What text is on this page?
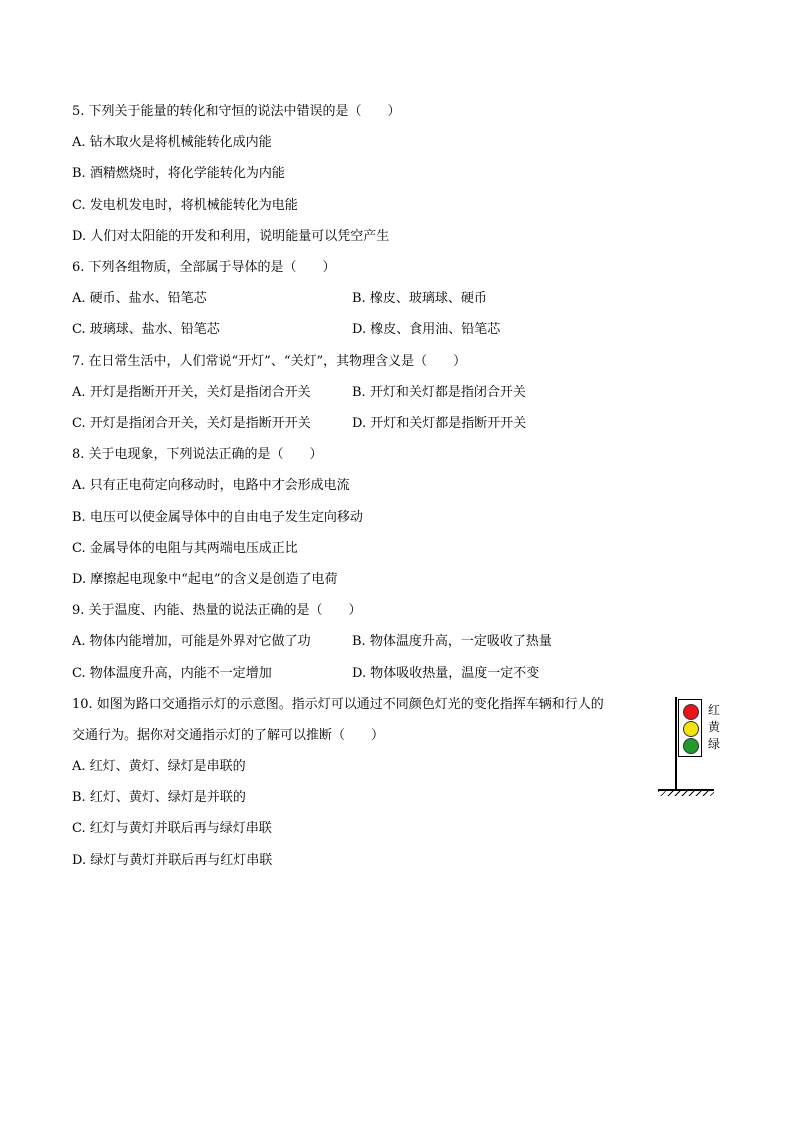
5. 下列关于能量的转化和守恒的说法中错误的是（　　）
A. 钻木取火是将机械能转化成内能
B. 酒精燃烧时，将化学能转化为内能
C. 发电机发电时，将机械能转化为电能
D. 人们对太阳能的开发和利用，说明能量可以凭空产生
6. 下列各组物质，全部属于导体的是（　　）
A. 硬币、盐水、铅笔芯	B. 橡皮、玻璃球、硬币
C. 玻璃球、盐水、铅笔芯	D. 橡皮、食用油、铅笔芯
7. 在日常生活中，人们常说“开灯”、“关灯”，其物理含义是（　　）
A. 开灯是指断开开关，关灯是指闭合开关	B. 开灯和关灯都是指闭合开关
C. 开灯是指闭合开关，关灯是指断开开关	D. 开灯和关灯都是指断开开关
8. 关于电现象，下列说法正确的是（　　）
A. 只有正电荷定向移动时，电路中才会形成电流
B. 电压可以使金属导体中的自由电子发生定向移动
C. 金属导体的电阻与其两端电压成正比
D. 摩擦起电现象中“起电”的含义是创造了电荷
9. 关于温度、内能、热量的说法正确的是（　　）
A. 物体内能增加，可能是外界对它做了功	B. 物体温度升高，一定吸收了热量
C. 物体温度升高，内能不一定增加	D. 物体吸收热量，温度一定不变
10. 如图为路口交通指示灯的示意图。指示灯可以通过不同颜色灯光的变化指挥车辆和行人的
交通行为。据你对交通指示灯的了解可以推断（　　）
A. 红灯、黄灯、绿灯是串联的
B. 红灯、黄灯、绿灯是并联的
C. 红灯与黄灯并联后再与绿灯串联
D. 绿灯与黄灯并联后再与红灯串联
红
黄
绿
